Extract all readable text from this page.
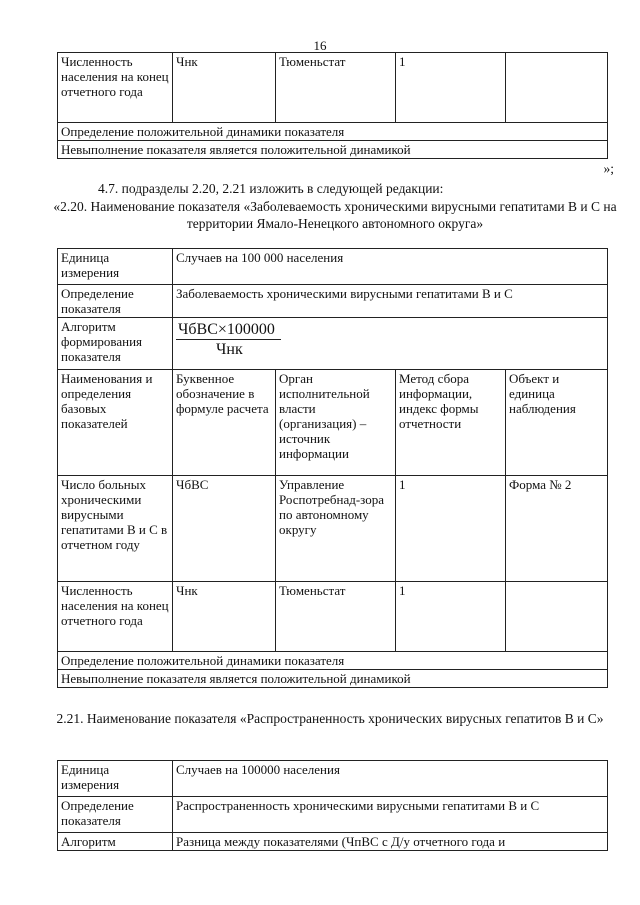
16
Численность населения на конец отчетного года	Чнк	Тюменьстат	1	
Определение положительной динамики показателя
Невыполнение показателя является положительной динамикой
»;
4.7. подразделы 2.20, 2.21 изложить в следующей редакции:
«2.20. Наименование показателя «Заболеваемость хроническими вирусными гепатитами В и С на территории Ямало-Ненецкого автономного округа»
Единица измерения	Случаев на 100 000 населения			
Определение показателя	Заболеваемость хроническими вирусными гепатитами В и С			
Алгоритм формирования показателя	ЧбВС×100000
Чнк			

Наименования и определения базовых показателей	Буквенное обозначение в формуле расчета	Орган исполнительной власти (организация) – источник информации	Метод сбора информации, индекс формы отчетности	Объект и единица наблюдения
Число больных хроническими вирусными гепатитами В и С в отчетном году	ЧбВС	Управление Роспотребнад-зора по автономному округу	1	Форма № 2
Численность населения на конец отчетного года	Чнк	Тюменьстат	1	
Определение положительной динамики показателя				
Невыполнение показателя является положительной динамикой				
2.21. Наименование показателя «Распространенность хронических вирусных гепатитов В и С»
Единица измерения	Случаев на 100000 населения
Определение показателя	Распространенность хроническими вирусными гепатитами В и С
Алгоритм	Разница между показателями (ЧпВС с Д/у отчетного года и
